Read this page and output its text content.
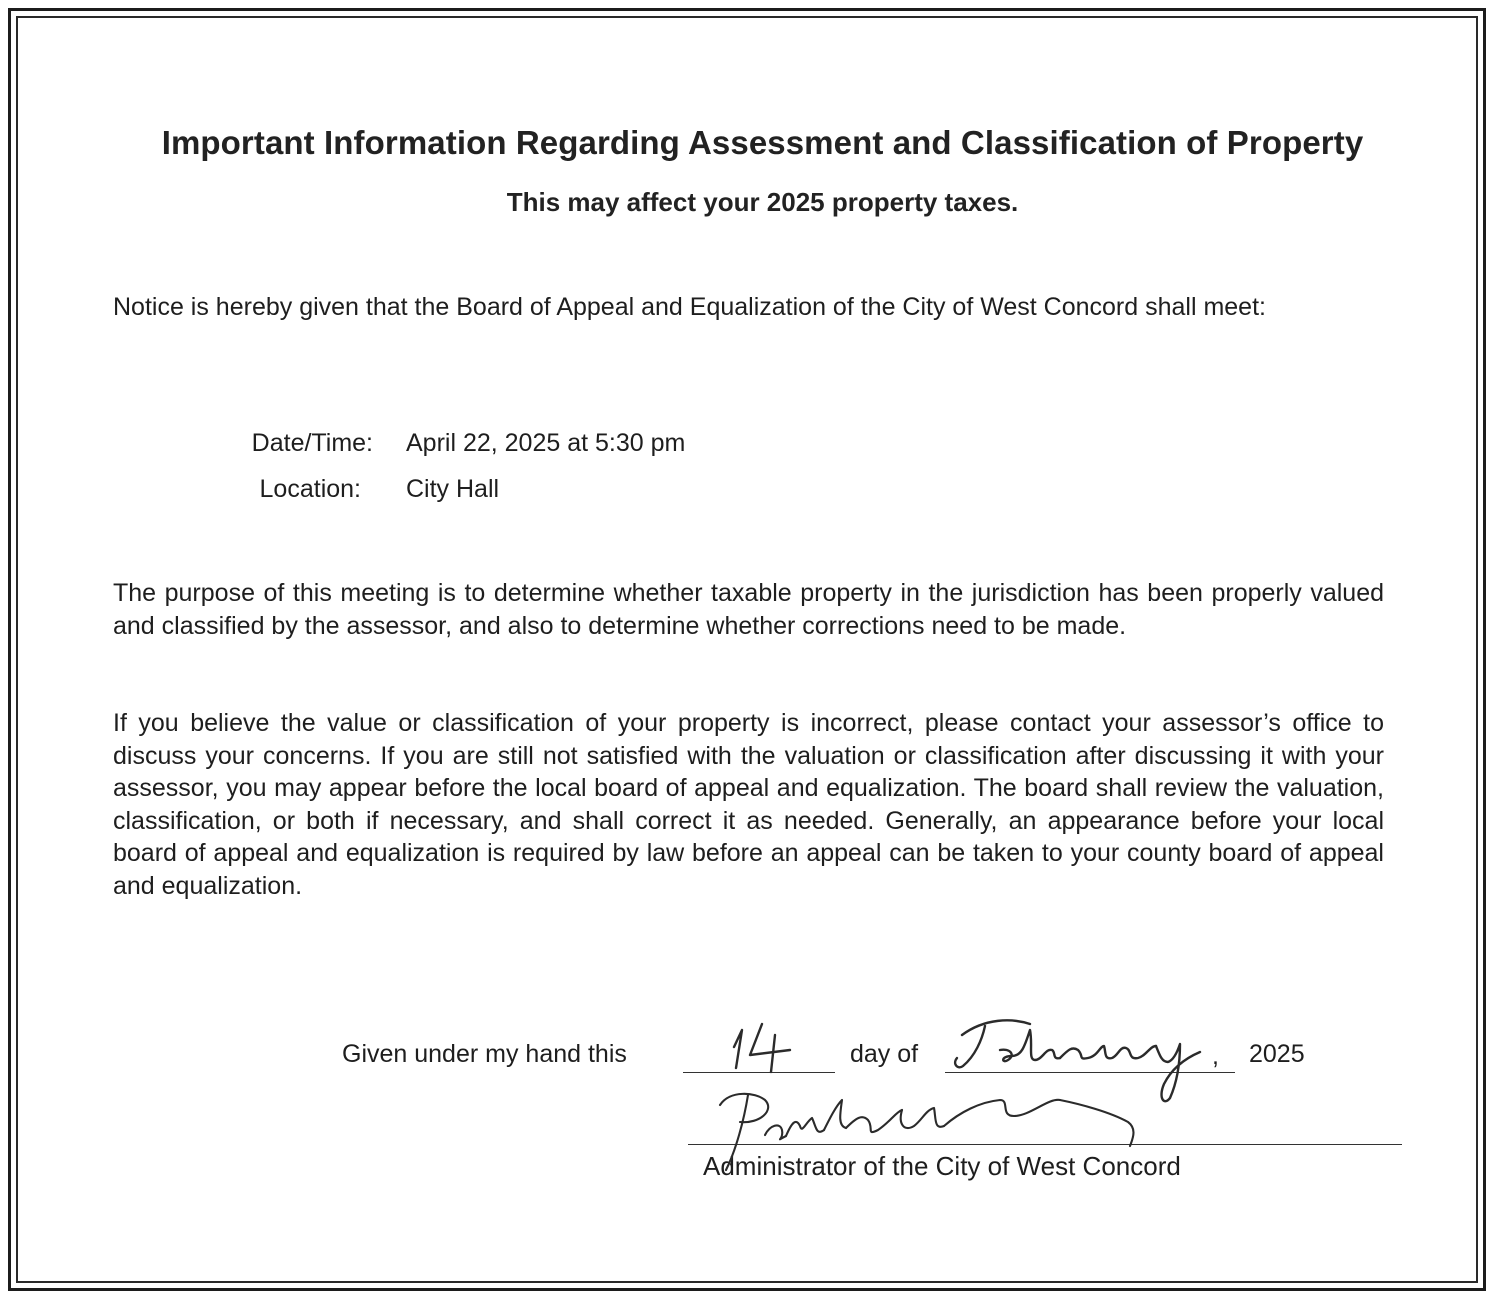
Important Information Regarding Assessment and Classification of Property
This may affect your 2025 property taxes.

Notice is hereby given that the Board of Appeal and Equalization of the City of West Concord shall meet:

Date/Time: April 22, 2025 at 5:30 pm
Location: City Hall

The purpose of this meeting is to determine whether taxable property in the jurisdiction has been properly valued and classified by the assessor, and also to determine whether corrections need to be made.

If you believe the value or classification of your property is incorrect, please contact your assessor’s office to discuss your concerns. If you are still not satisfied with the valuation or classification after discussing it with your assessor, you may appear before the local board of appeal and equalization. The board shall review the valuation, classification, or both if necessary, and shall correct it as needed. Generally, an appearance before your local board of appeal and equalization is required by law before an appeal can be taken to your county board of appeal and equalization.

Given under my hand this	day of	, 2025
Administrator of the City of West Concord
